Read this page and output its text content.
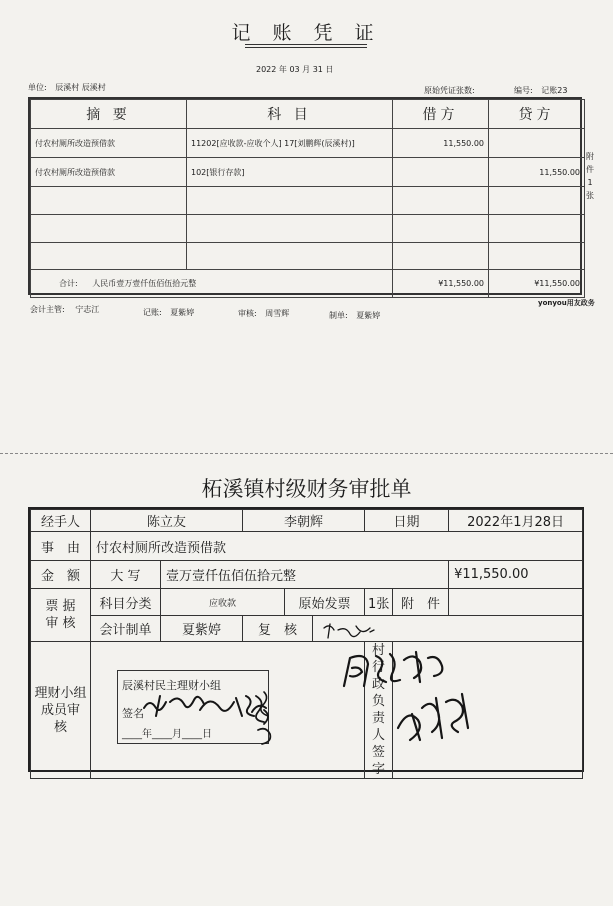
记 账 凭 证
2022 年 03 月 31 日
单位: 辰溪村 辰溪村	原始凭证张数:	编号: 记账23
摘 要	科 目	借方	贷方
付农村厕所改造预借款	11202[应收款-应收个人] 17[刘鹏辉(辰溪村)]	11,550.00	
付农村厕所改造预借款	102[银行存款]		11,550.00

合计: 人民币壹万壹仟伍佰伍拾元整		¥11,550.00	¥11,550.00
附
件
1
张
yonyou用友政务
会计主管: 宁志江	记账: 夏紫婷	审核: 周雪辉	制单: 夏紫婷
柘溪镇村级财务审批单
经手人	陈立友		李朝辉			日期		2022年1月28日
事　由	付农村厕所改造预借款							
金　额	大 写	壹万壹仟伍佰伍拾元整						¥11,550.00

票 据
审 核	科目分类	应收款		原始发票		1张	附　件	
	会计制单	夏紫婷	复　核					
理财小组成员审　核						村行政负责人签字		
辰溪村民主理财小组
签名
____年____月____日
